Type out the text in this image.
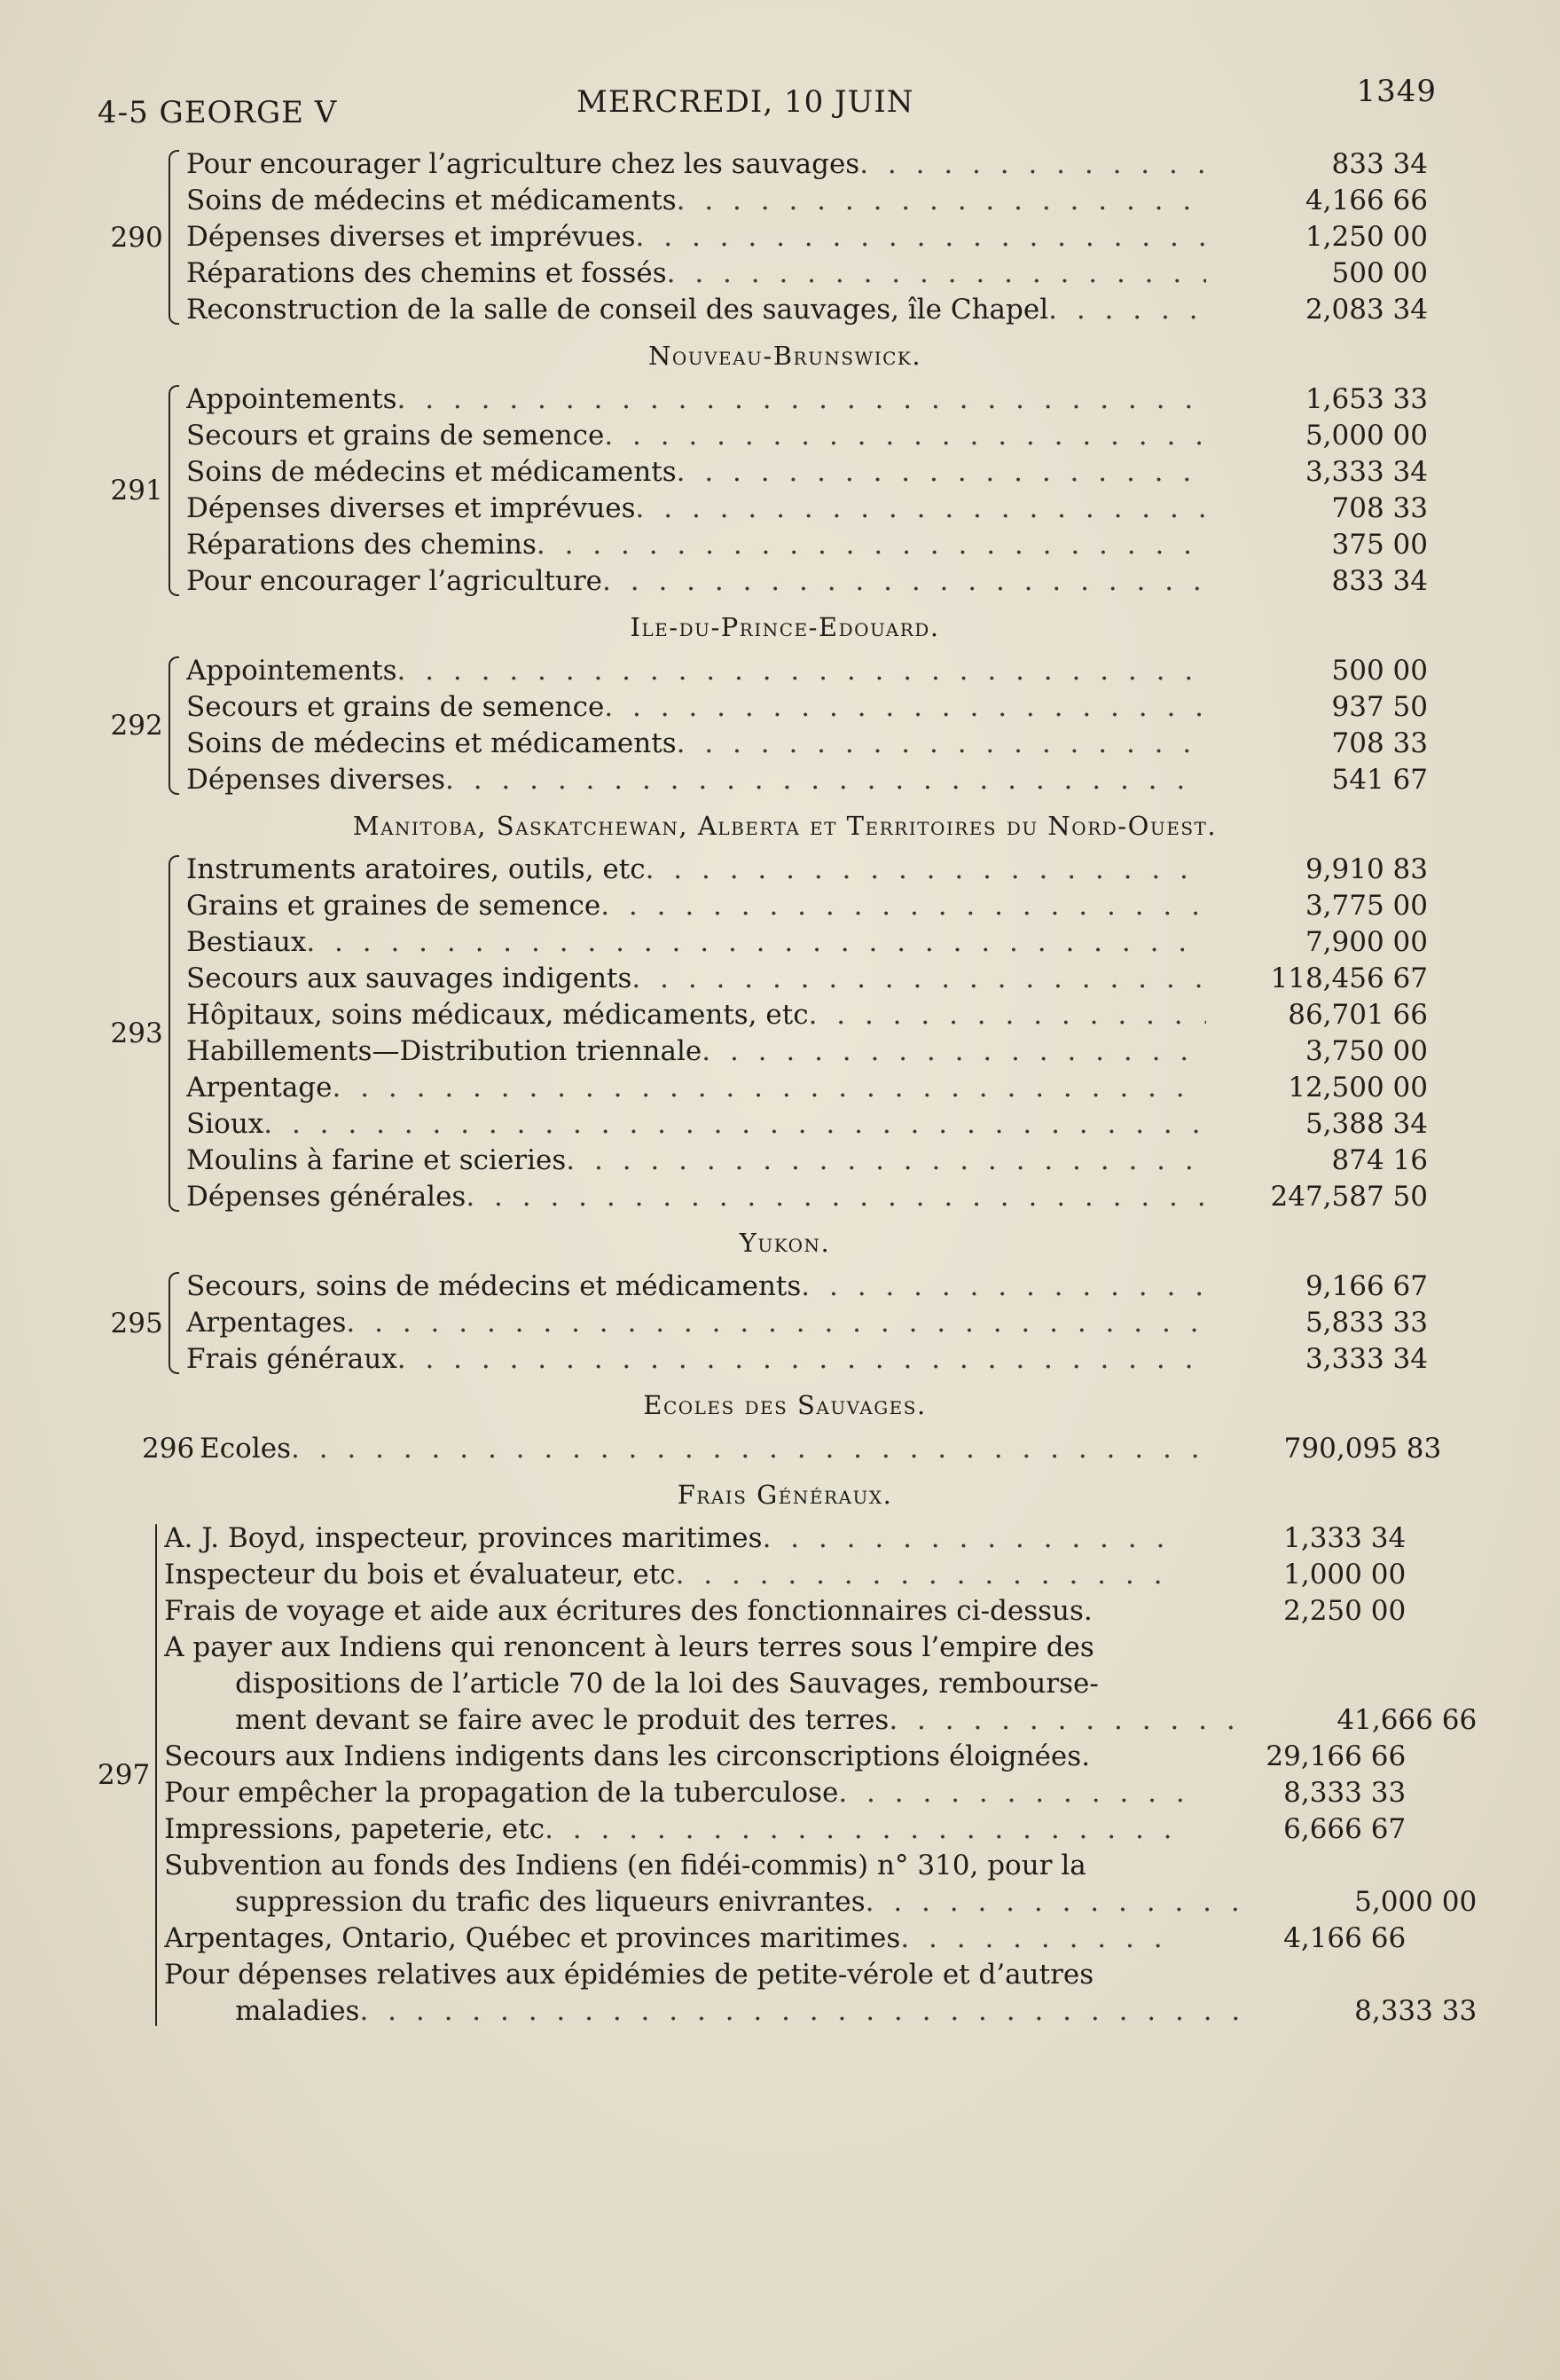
4-5 GEORGE V	MERCREDI, 10 JUIN	1349
290
Pour encourager l’agriculture chez les sauvages . . .	833 34
Soins de médecins et médicaments . . .	4,166 66
Dépenses diverses et imprévues . . .	1,250 00
Réparations des chemins et fossés . . .	500 00
Reconstruction de la salle de conseil des sauvages, île Chapel . . .	2,083 34
Nouveau-Brunswick.
291
Appointements . . .	1,653 33
Secours et grains de semence . . .	5,000 00
Soins de médecins et médicaments . . .	3,333 34
Dépenses diverses et imprévues . . .	708 33
Réparations des chemins . . .	375 00
Pour encourager l’agriculture . . .	833 34
Ile-du-Prince-Edouard.
292
Appointements . . .	500 00
Secours et grains de semence . . .	937 50
Soins de médecins et médicaments . . .	708 33
Dépenses diverses . . .	541 67
Manitoba, Saskatchewan, Alberta et Territoires du Nord-Ouest.
293
Instruments aratoires, outils, etc . . .	9,910 83
Grains et graines de semence . . .	3,775 00
Bestiaux . . .	7,900 00
Secours aux sauvages indigents . . .	118,456 67
Hôpitaux, soins médicaux, médicaments, etc . . .	86,701 66
Habillements—Distribution triennale . . .	3,750 00
Arpentage . . .	12,500 00
Sioux . . .	5,388 34
Moulins à farine et scieries . . .	874 16
Dépenses générales . . .	247,587 50
Yukon.
295
Secours, soins de médecins et médicaments . . .	9,166 67
Arpentages . . .	5,833 33
Frais généraux . . .	3,333 34
Ecoles des Sauvages.
296 Ecoles . . .	790,095 83
Frais Généraux.
297
A. J. Boyd, inspecteur, provinces maritimes . . .	1,333 34
Inspecteur du bois et évaluateur, etc . . .	1,000 00
Frais de voyage et aide aux écritures des fonctionnaires ci-dessus.	2,250 00
A payer aux Indiens qui renoncent à leurs terres sous l’empire des
dispositions de l’article 70 de la loi des Sauvages, rembourse-
ment devant se faire avec le produit des terres . . .	41,666 66
Secours aux Indiens indigents dans les circonscriptions éloignées.	29,166 66
Pour empêcher la propagation de la tuberculose . . .	8,333 33
Impressions, papeterie, etc . . .	6,666 67
Subvention au fonds des Indiens (en fidéi-commis) n° 310, pour la
suppression du trafic des liqueurs enivrantes . . .	5,000 00
Arpentages, Ontario, Québec et provinces maritimes . . .	4,166 66
Pour dépenses relatives aux épidémies de petite-vérole et d’autres
maladies . . .	8,333 33
